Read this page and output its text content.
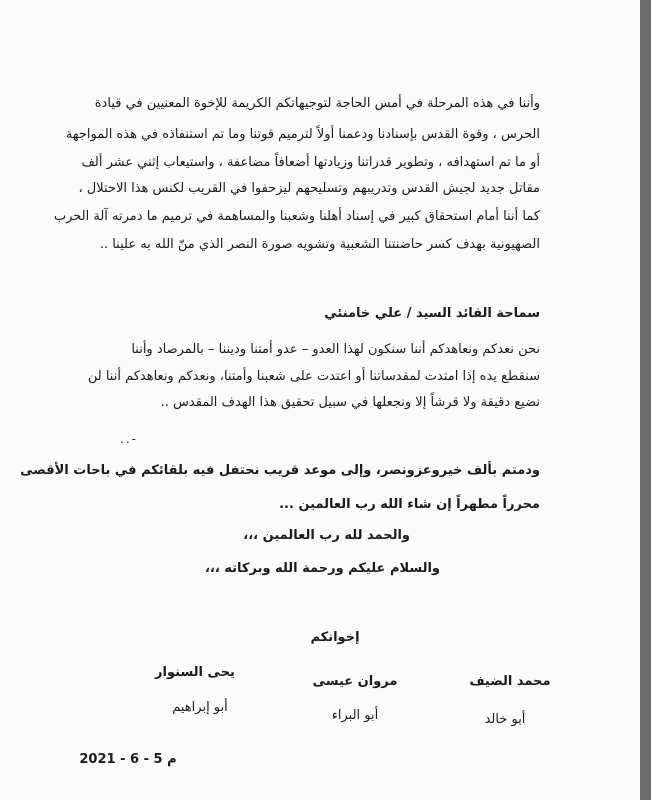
وأننا في هذه المرحلة في أمس الحاجة لتوجيهاتكم الكريمة للإخوة المعنيين في قيادة
الحرس ، وقوة القدس بإسنادنا ودعمنا أولاً لترميم قوتنا وما تم استنفاذه في هذه المواجهة
أو ما تم استهدافه ، وتطوير قدراتنا وزيادتها أضعافاً مضاعفة ، واستيعاب إثني عشر ألف
مقاتل جديد لجيش القدس وتدريبهم وتسليحهم ليزحفوا في القريب لكنس هذا الاحتلال ،
كما أننا أمام استحقاق كبير في إسناد أهلنا وشعبنا والمساهمة في ترميم ما دمرته آلة الحرب
الصهيونية بهدف كسر حاضنتنا الشعبية وتشويه صورة النصر الذي منّ الله به علينا ..
سماحة القائد السيد / علي خامنئي
نحن نعدكم ونعاهدكم أننا سنكون لهذا العدو – عدو أمتنا وديننا – بالمرصاد وأننا
سنقطع يده إذا امتدت لمقدساتنا أو اعتدت على شعبنا وأمتنا، ونعدكم ونعاهدكم أننا لن
نضيع دقيقة ولا قرشاً إلا ونجعلها في سبيل تحقيق هذا الهدف المقدس ..
-..
ودمتم بألف خيروعزونصر، وإلى موعد قريب نحتفل فيه بلقائكم في باحات الأقصى
محرراً مطهراً إن شاء الله رب العالمين ...
والحمد لله رب العالمين ،،،
والسلام عليكم ورحمة الله وبركاته ،،،
إخوانكم
محمد الضيف
مروان عيسى
يحى السنوار
أبو خالد
أبو البراء
أبو إبراهيم
2021 - 6 - 5 م
